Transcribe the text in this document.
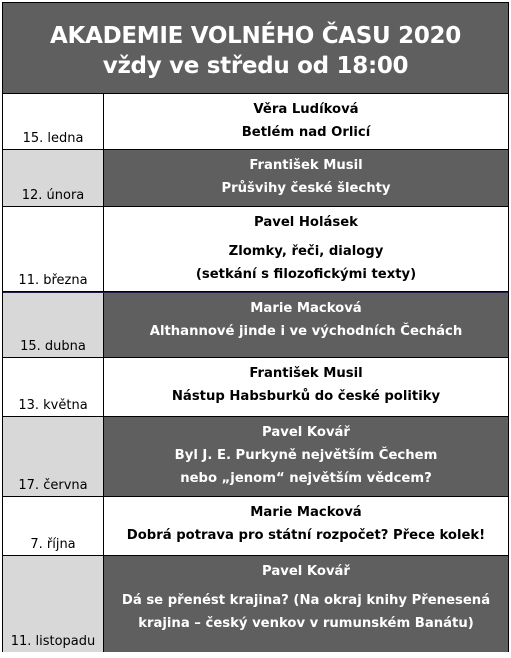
AKADEMIE VOLNÉHO ČASU 2020
vždy ve středu od 18:00
15. ledna
Věra Ludíková
Betlém nad Orlicí
12. února
František Musil
Průšvihy české šlechty
11. března
Pavel Holásek
Zlomky, řeči, dialogy
(setkání s filozofickými texty)
15. dubna
Marie Macková
Althannové jinde i ve východních Čechách
13. května
František Musil
Nástup Habsburků do české politiky
17. června
Pavel Kovář
Byl J. E. Purkyně největším Čechem
nebo „jenom“ největším vědcem?
7. října
Marie Macková
Dobrá potrava pro státní rozpočet? Přece kolek!
11. listopadu
Pavel Kovář
Dá se přenést krajina? (Na okraj knihy Přenesená
krajina – český venkov v rumunském Banátu)
